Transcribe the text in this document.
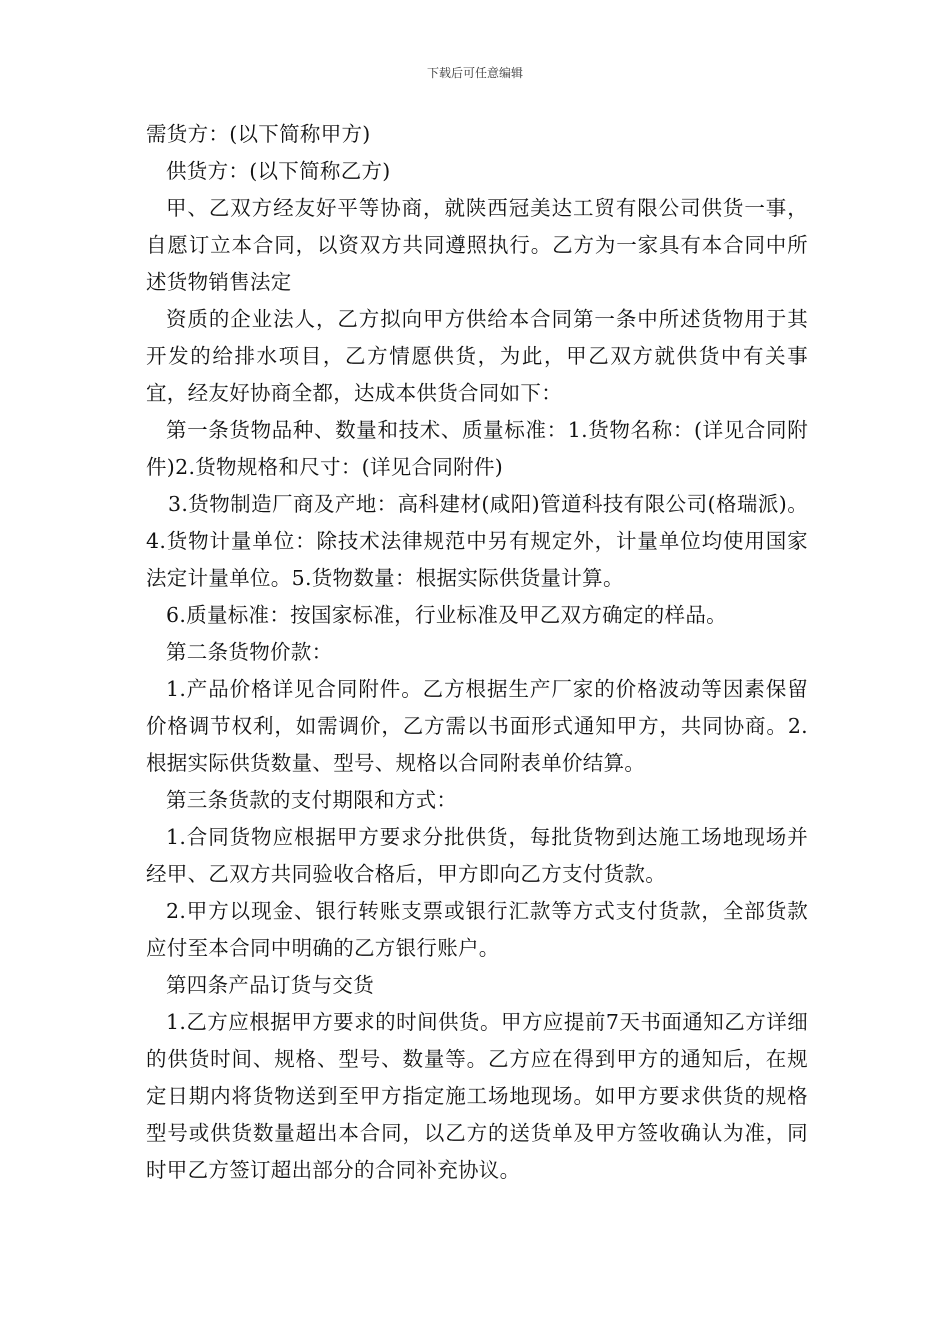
下载后可任意编辑

需货方：(以下简称甲方)

供货方：(以下简称乙方)

甲、乙双方经友好平等协商，就陕西冠美达工贸有限公司供货一事，自愿订立本合同，以资双方共同遵照执行。乙方为一家具有本合同中所述货物销售法定

资质的企业法人，乙方拟向甲方供给本合同第一条中所述货物用于其开发的给排水项目，乙方情愿供货，为此，甲乙双方就供货中有关事宜，经友好协商全都，达成本供货合同如下：

第一条货物品种、数量和技术、质量标准：1.货物名称：(详见合同附件)2.货物规格和尺寸：(详见合同附件)

3.货物制造厂商及产地：高科建材(咸阳)管道科技有限公司(格瑞派)。4.货物计量单位：除技术法律规范中另有规定外，计量单位均使用国家法定计量单位。5.货物数量：根据实际供货量计算。

6.质量标准：按国家标准，行业标准及甲乙双方确定的样品。

第二条货物价款：

1.产品价格详见合同附件。乙方根据生产厂家的价格波动等因素保留价格调节权利，如需调价，乙方需以书面形式通知甲方，共同协商。2.根据实际供货数量、型号、规格以合同附表单价结算。

第三条货款的支付期限和方式：

1.合同货物应根据甲方要求分批供货，每批货物到达施工场地现场并经甲、乙双方共同验收合格后，甲方即向乙方支付货款。

2.甲方以现金、银行转账支票或银行汇款等方式支付货款，全部货款应付至本合同中明确的乙方银行账户。

第四条产品订货与交货

1.乙方应根据甲方要求的时间供货。甲方应提前7天书面通知乙方详细的供货时间、规格、型号、数量等。乙方应在得到甲方的通知后，在规定日期内将货物送到至甲方指定施工场地现场。如甲方要求供货的规格型号或供货数量超出本合同，以乙方的送货单及甲方签收确认为准，同时甲乙方签订超出部分的合同补充协议。
